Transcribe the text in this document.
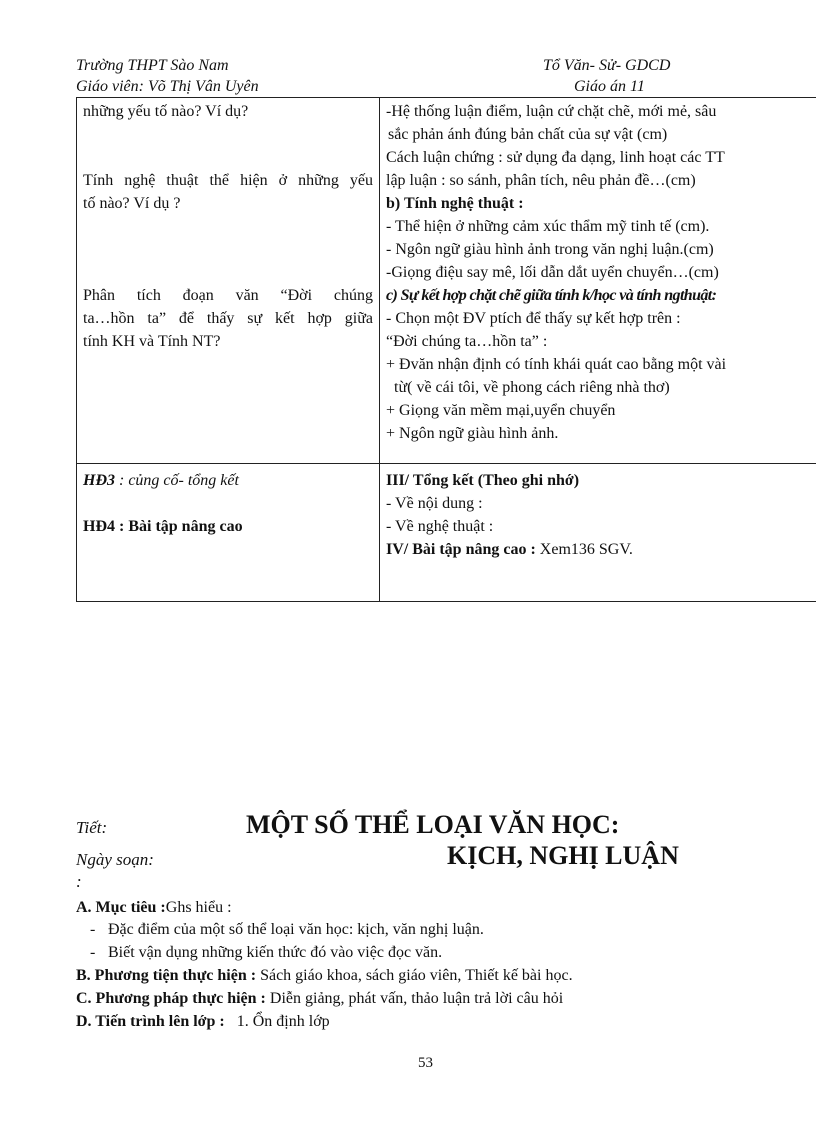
Trường THPT Sào Nam
Giáo viên: Võ Thị Vân Uyên
Tổ Văn- Sử- GDCD
Giáo án 11
những yếu tố nào? Ví dụ?
Tính nghệ thuật thể hiện ở những yếu
tố nào? Ví dụ ?
Phân tích đoạn văn “Đời chúng
ta…hồn ta” để thấy sự kết hợp giữa
tính KH và Tính NT?
-Hệ thống luận điểm, luận cứ chặt chẽ, mới mẻ, sâu
sắc phản ánh đúng bản chất của sự vật (cm)
Cách luận chứng : sử dụng đa dạng, linh hoạt các TT
lập luận : so sánh, phân tích, nêu phản đề…(cm)
b) Tính nghệ thuật :
- Thể hiện ở những cảm xúc thẩm mỹ tinh tế (cm).
- Ngôn ngữ giàu hình ảnh trong văn nghị luận.(cm)
-Giọng điệu say mê, lối dẫn dắt uyển chuyển…(cm)
c) Sự kết hợp chặt chẽ giữa tính k/học và tính ngthuật:
- Chọn một ĐV ptích để thấy sự kết hợp trên :
“Đời chúng ta…hồn ta” :
+ Đvăn nhận định có tính khái quát cao bằng một vài
từ( về cái tôi, về phong cách riêng nhà thơ)
+ Giọng văn mềm mại,uyển chuyển
+ Ngôn ngữ giàu hình ảnh.
HĐ3 : củng cố- tổng kết
HĐ4 : Bài tập nâng cao
III/ Tổng kết (Theo ghi nhớ)
- Về nội dung :
- Về nghệ thuật :
IV/ Bài tập nâng cao : Xem136 SGV.
Tiết:	MỘT SỐ THỂ LOẠI VĂN HỌC:
Ngày soạn:	KỊCH, NGHỊ LUẬN
:
A. Mục tiêu :Ghs hiểu :
- Đặc điểm của một số thể loại văn học: kịch, văn nghị luận.
- Biết vận dụng những kiến thức đó vào việc đọc văn.
B. Phương tiện thực hiện : Sách giáo khoa, sách giáo viên, Thiết kế bài học.
C. Phương pháp thực hiện : Diễn giảng, phát vấn, thảo luận trả lời câu hỏi
D. Tiến trình lên lớp :   1. Ổn định lớp
53
